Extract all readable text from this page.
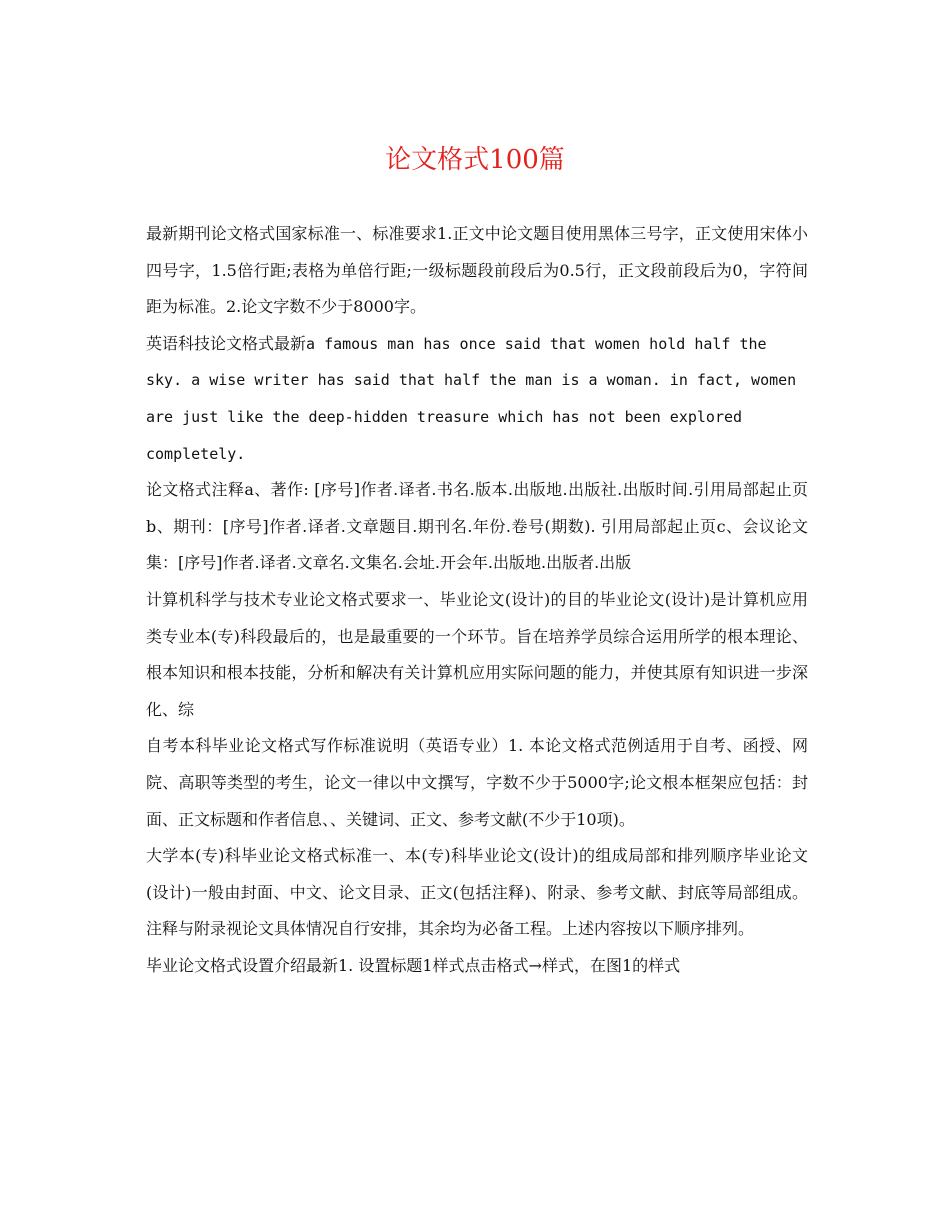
论文格式100篇

最新期刊论文格式国家标准一、标准要求1.正文中论文题目使用黑体三号字，正文使用宋体小四号字，1.5倍行距;表格为单倍行距;一级标题段前段后为0.5行，正文段前段后为0，字符间距为标准。2.论文字数不少于8000字。

英语科技论文格式最新a famous man has once said that women hold half the sky. a wise writer has said that half the man is a woman. in fact, women are just like the deep-hidden treasure which has not been explored completely.

论文格式注释a、著作: [序号]作者.译者.书名.版本.出版地.出版社.出版时间.引用局部起止页b、期刊：[序号]作者.译者.文章题目.期刊名.年份.卷号(期数). 引用局部起止页c、会议论文集：[序号]作者.译者.文章名.文集名.会址.开会年.出版地.出版者.出版

计算机科学与技术专业论文格式要求一、毕业论文(设计)的目的毕业论文(设计)是计算机应用类专业本(专)科段最后的，也是最重要的一个环节。旨在培养学员综合运用所学的根本理论、根本知识和根本技能，分析和解决有关计算机应用实际问题的能力，并使其原有知识进一步深化、综

自考本科毕业论文格式写作标准说明（英语专业）1. 本论文格式范例适用于自考、函授、网院、高职等类型的考生，论文一律以中文撰写，字数不少于5000字;论文根本框架应包括：封面、正文标题和作者信息、、关键词、正文、参考文献(不少于10项)。

大学本(专)科毕业论文格式标准一、本(专)科毕业论文(设计)的组成局部和排列顺序毕业论文(设计)一般由封面、中文、论文目录、正文(包括注释)、附录、参考文献、封底等局部组成。注释与附录视论文具体情况自行安排，其余均为必备工程。上述内容按以下顺序排列。

毕业论文格式设置介绍最新1. 设置标题1样式点击格式→样式，在图1的样式
